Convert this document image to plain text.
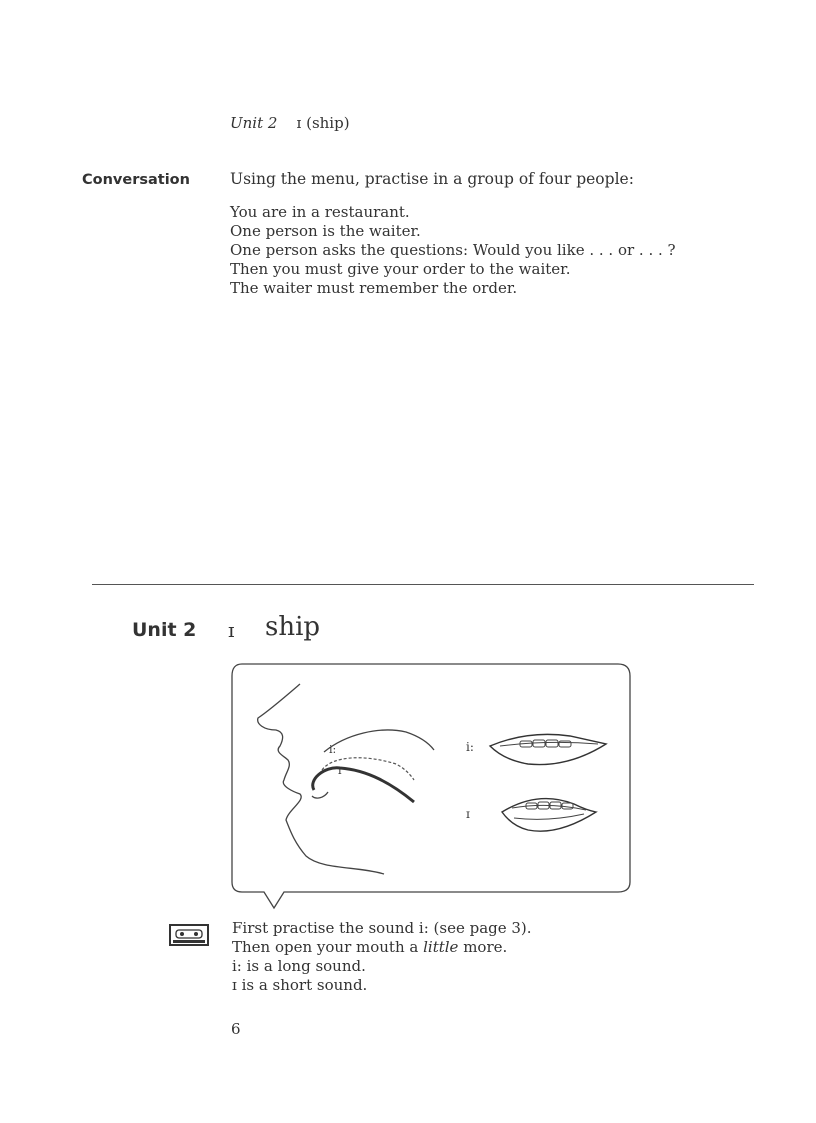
Unit 2 ɪ (ship)
Conversation	Using the menu, practise in a group of four people:
You are in a restaurant.
One person is the waiter.
One person asks the questions: Would you like . . . or . . . ?
Then you must give your order to the waiter.
The waiter must remember the order.
Unit 2 ɪ ship
i:
ɪ
i:
ɪ
First practise the sound i: (see page 3).
Then open your mouth a little more.
i: is a long sound.
ɪ is a short sound.
6
